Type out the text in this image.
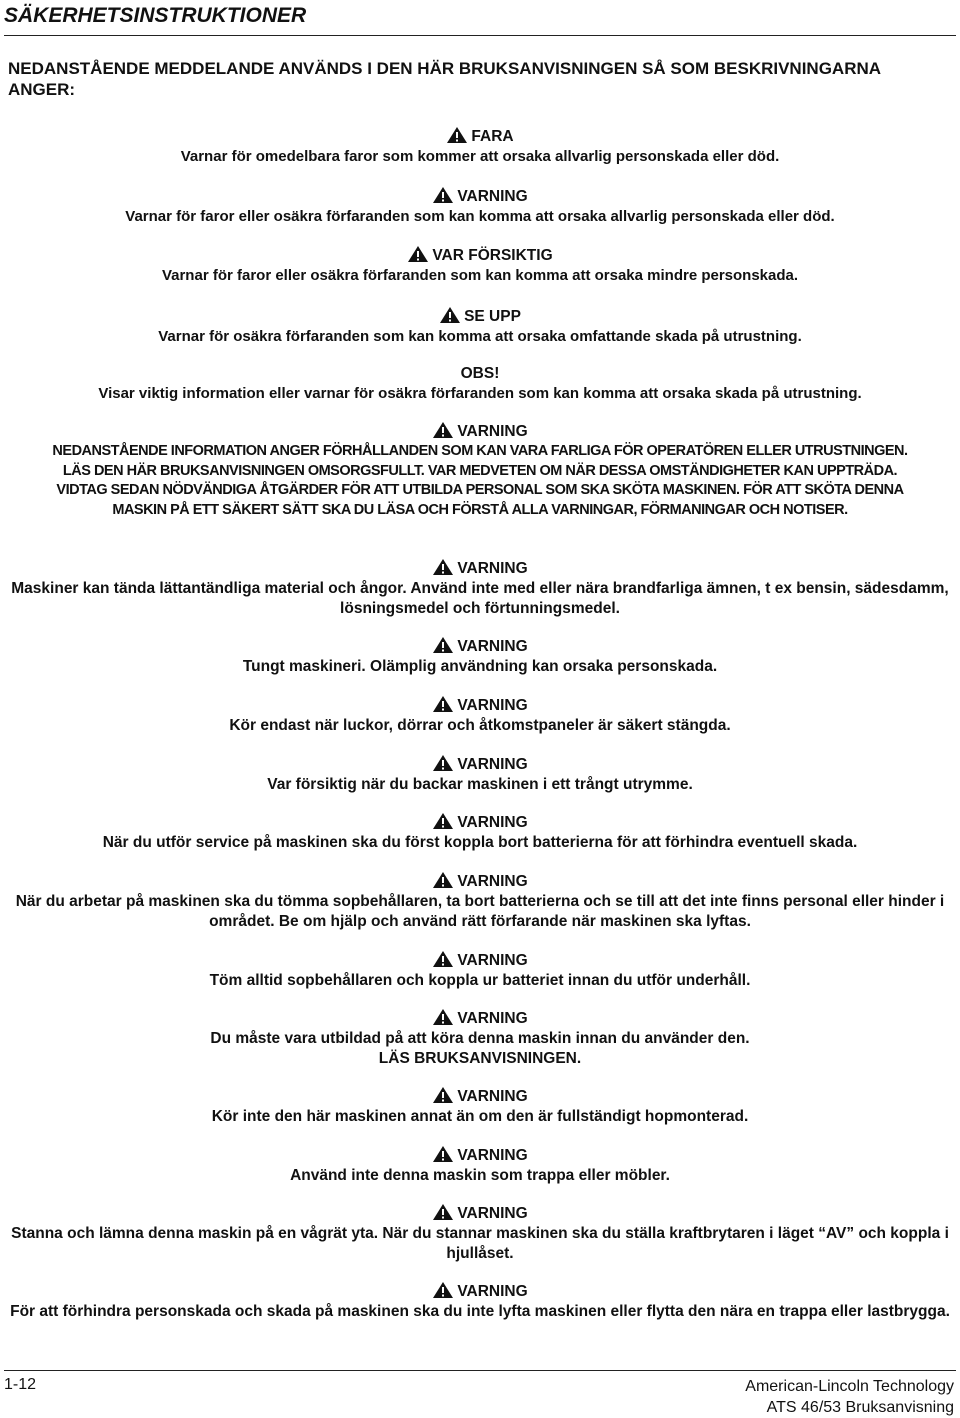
SÄKERHETSINSTRUKTIONER
NEDANSTÅENDE MEDDELANDE ANVÄNDS I DEN HÄR BRUKSANVISNINGEN SÅ SOM BESKRIVNINGARNA ANGER:
FARA
Varnar för omedelbara faror som kommer att orsaka allvarlig personskada eller död.
VARNING
Varnar för faror eller osäkra förfaranden som kan komma att orsaka allvarlig personskada eller död.
VAR FÖRSIKTIG
Varnar för faror eller osäkra förfaranden som kan komma att orsaka mindre personskada.
SE UPP
Varnar för osäkra förfaranden som kan komma att orsaka omfattande skada på utrustning.
OBS!
Visar viktig information eller varnar för osäkra förfaranden som kan komma att orsaka skada på utrustning.
VARNING
NEDANSTÅENDE INFORMATION ANGER FÖRHÅLLANDEN SOM KAN VARA FARLIGA FÖR OPERATÖREN ELLER UTRUSTNINGEN. LÄS DEN HÄR BRUKSANVISNINGEN OMSORGSFULLT. VAR MEDVETEN OM NÄR DESSA OMSTÄNDIGHETER KAN UPPTRÄDA. VIDTAG SEDAN NÖDVÄNDIGA ÅTGÄRDER FÖR ATT UTBILDA PERSONAL SOM SKA SKÖTA MASKINEN. FÖR ATT SKÖTA DENNA MASKIN PÅ ETT SÄKERT SÄTT SKA DU LÄSA OCH FÖRSTÅ ALLA VARNINGAR, FÖRMANINGAR OCH NOTISER.
VARNING
Maskiner kan tända lättantändliga material och ångor. Använd inte med eller nära brandfarliga ämnen, t ex bensin, sädesdamm, lösningsmedel och förtunningsmedel.
VARNING
Tungt maskineri. Olämplig användning kan orsaka personskada.
VARNING
Kör endast när luckor, dörrar och åtkomstpaneler är säkert stängda.
VARNING
Var försiktig när du backar maskinen i ett trångt utrymme.
VARNING
När du utför service på maskinen ska du först koppla bort batterierna för att förhindra eventuell skada.
VARNING
När du arbetar på maskinen ska du tömma sopbehållaren, ta bort batterierna och se till att det inte finns personal eller hinder i området. Be om hjälp och använd rätt förfarande när maskinen ska lyftas.
VARNING
Töm alltid sopbehållaren och koppla ur batteriet innan du utför underhåll.
VARNING
Du måste vara utbildad på att köra denna maskin innan du använder den.
LÄS BRUKSANVISNINGEN.
VARNING
Kör inte den här maskinen annat än om den är fullständigt hopmonterad.
VARNING
Använd inte denna maskin som trappa eller möbler.
VARNING
Stanna och lämna denna maskin på en vågrät yta. När du stannar maskinen ska du ställa kraftbrytaren i läget “AV” och koppla i hjullåset.
VARNING
För att förhindra personskada och skada på maskinen ska du inte lyfta maskinen eller flytta den nära en trappa eller lastbrygga.
1-12	American-Lincoln Technology
ATS 46/53 Bruksanvisning
